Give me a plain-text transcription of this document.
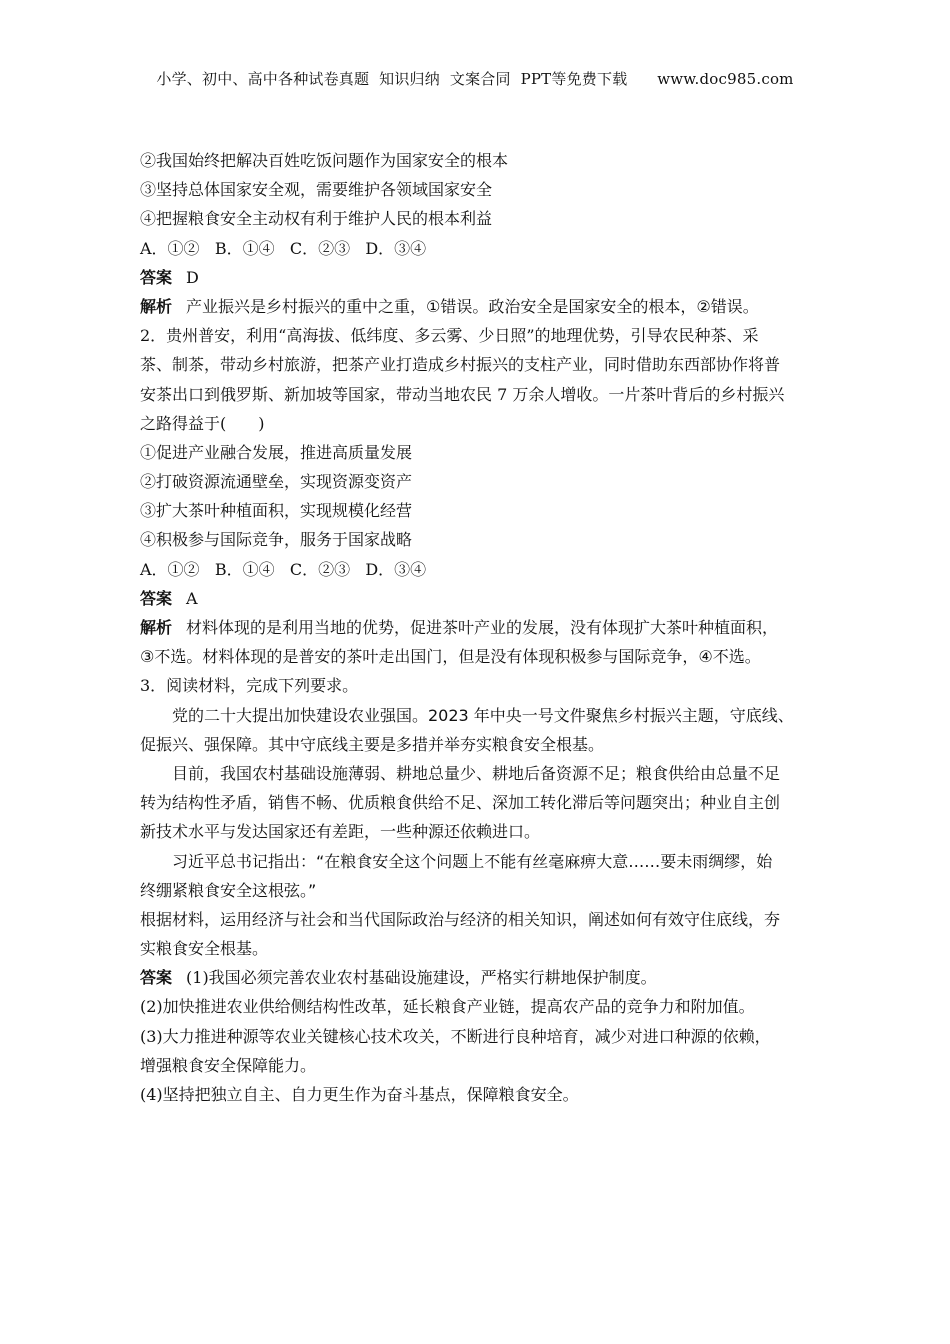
小学、初中、高中各种试卷真题  知识归纳  文案合同  PPT等免费下载      www.doc985.com
②我国始终把解决百姓吃饭问题作为国家安全的根本
③坚持总体国家安全观，需要维护各领域国家安全
④把握粮食安全主动权有利于维护人民的根本利益
A．①②   B．①④   C．②③   D．③④
答案 D
解析 产业振兴是乡村振兴的重中之重，①错误。政治安全是国家安全的根本，②错误。
2．贵州普安，利用“高海拔、低纬度、多云雾、少日照”的地理优势，引导农民种茶、采
茶、制茶，带动乡村旅游，把茶产业打造成乡村振兴的支柱产业，同时借助东西部协作将普
安茶出口到俄罗斯、新加坡等国家，带动当地农民 7 万余人增收。一片茶叶背后的乡村振兴
之路得益于(　　)
①促进产业融合发展，推进高质量发展
②打破资源流通壁垒，实现资源变资产
③扩大茶叶种植面积，实现规模化经营
④积极参与国际竞争，服务于国家战略
A．①②   B．①④   C．②③   D．③④
答案 A
解析 材料体现的是利用当地的优势，促进茶叶产业的发展，没有体现扩大茶叶种植面积，
③不选。材料体现的是普安的茶叶走出国门，但是没有体现积极参与国际竞争，④不选。
3．阅读材料，完成下列要求。
党的二十大提出加快建设农业强国。2023 年中央一号文件聚焦乡村振兴主题，守底线、
促振兴、强保障。其中守底线主要是多措并举夯实粮食安全根基。
目前，我国农村基础设施薄弱、耕地总量少、耕地后备资源不足；粮食供给由总量不足
转为结构性矛盾，销售不畅、优质粮食供给不足、深加工转化滞后等问题突出；种业自主创
新技术水平与发达国家还有差距，一些种源还依赖进口。
习近平总书记指出：“在粮食安全这个问题上不能有丝毫麻痹大意……要未雨绸缪，始
终绷紧粮食安全这根弦。”
根据材料，运用经济与社会和当代国际政治与经济的相关知识，阐述如何有效守住底线，夯
实粮食安全根基。
答案 (1)我国必须完善农业农村基础设施建设，严格实行耕地保护制度。
(2)加快推进农业供给侧结构性改革，延长粮食产业链，提高农产品的竞争力和附加值。
(3)大力推进种源等农业关键核心技术攻关，不断进行良种培育，减少对进口种源的依赖，
增强粮食安全保障能力。
(4)坚持把独立自主、自力更生作为奋斗基点，保障粮食安全。
